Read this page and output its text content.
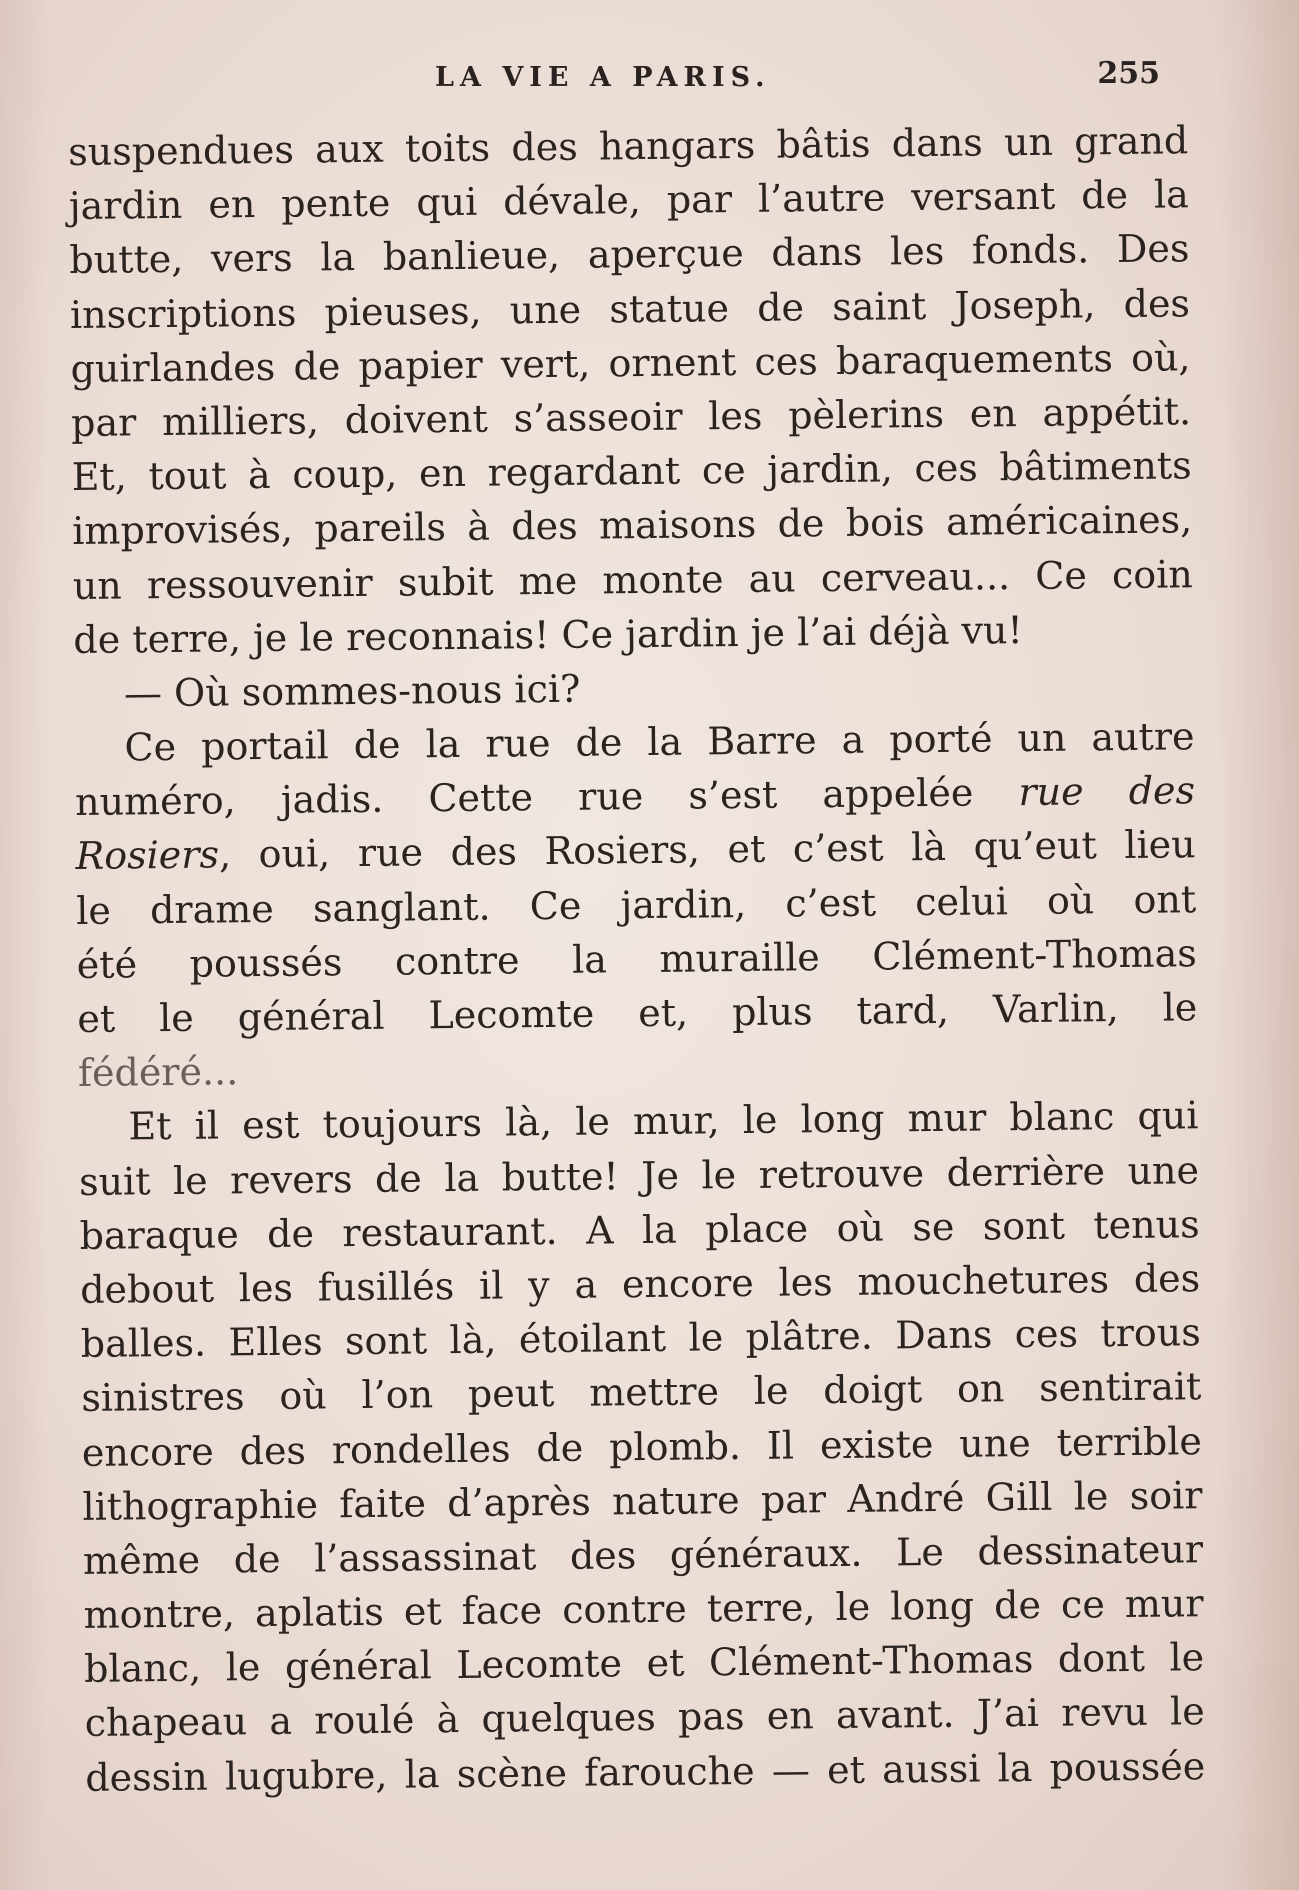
LA VIE A PARIS.	255
suspendues aux toits des hangars bâtis dans un grand
jardin en pente qui dévale, par l’autre versant de la
butte, vers la banlieue, aperçue dans les fonds. Des
inscriptions pieuses, une statue de saint Joseph, des
guirlandes de papier vert, ornent ces baraquements où,
par milliers, doivent s’asseoir les pèlerins en appétit.
Et, tout à coup, en regardant ce jardin, ces bâtiments
improvisés, pareils à des maisons de bois américaines,
un ressouvenir subit me monte au cerveau... Ce coin
de terre, je le reconnais! Ce jardin je l’ai déjà vu!
— Où sommes-nous ici?
Ce portail de la rue de la Barre a porté un autre
numéro, jadis. Cette rue s’est appelée rue des
Rosiers, oui, rue des Rosiers, et c’est là qu’eut lieu
le drame sanglant. Ce jardin, c’est celui où ont
été poussés contre la muraille Clément-Thomas
et le général Lecomte et, plus tard, Varlin, le
fédéré...
Et il est toujours là, le mur, le long mur blanc qui
suit le revers de la butte! Je le retrouve derrière une
baraque de restaurant. A la place où se sont tenus
debout les fusillés il y a encore les mouchetures des
balles. Elles sont là, étoilant le plâtre. Dans ces trous
sinistres où l’on peut mettre le doigt on sentirait
encore des rondelles de plomb. Il existe une terrible
lithographie faite d’après nature par André Gill le soir
même de l’assassinat des généraux. Le dessinateur
montre, aplatis et face contre terre, le long de ce mur
blanc, le général Lecomte et Clément-Thomas dont le
chapeau a roulé à quelques pas en avant. J’ai revu le
dessin lugubre, la scène farouche — et aussi la poussée
